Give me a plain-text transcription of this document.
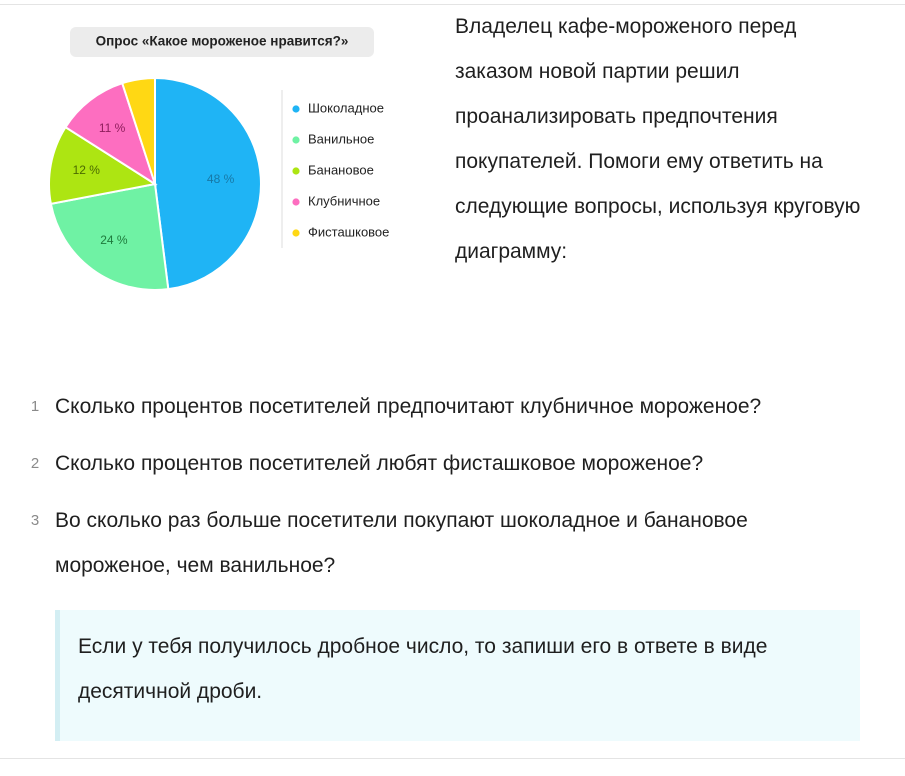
Опрос «Какое мороженое нравится?»
48 %
24 %
12 %
11 %
Шоколадное
Ванильное
Банановое
Клубничное
Фисташковое
Владелец кафе-мороженого перед заказом новой партии решил проанализировать предпочтения покупателей. Помоги ему ответить на следующие вопросы, используя круговую диаграмму:
1 Сколько процентов посетителей предпочитают клубничное мороженое?
2 Сколько процентов посетителей любят фисташковое мороженое?
3 Во сколько раз больше посетители покупают шоколадное и банановое мороженое, чем ванильное?
Если у тебя получилось дробное число, то запиши его в ответе в виде десятичной дроби.
